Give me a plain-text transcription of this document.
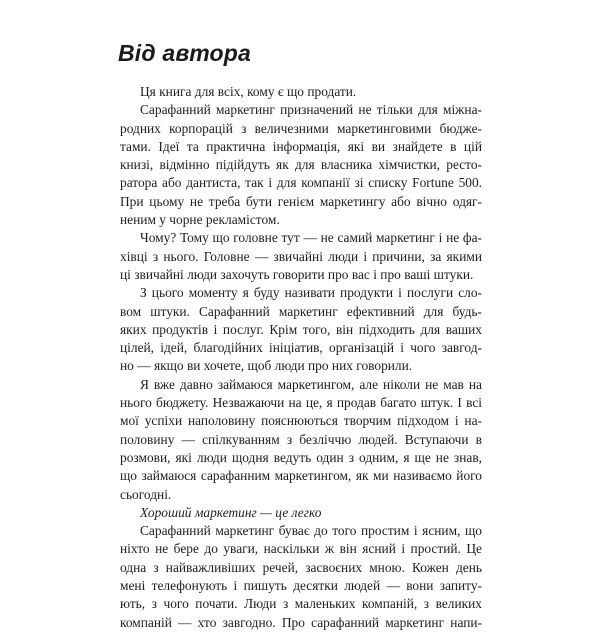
Від автора
Ця книга для всіх, кому є що продати.
Сарафанний маркетинг призначений не тільки для міжна-
родних корпорацій з величезними маркетинговими бюдже-
тами. Ідеї та практична інформація, які ви знайдете в цій
книзі, відмінно підійдуть як для власника хімчистки, ресто-
ратора або дантиста, так і для компанії зі списку Fortune 500.
При цьому не треба бути генієм маркетингу або вічно одяг-
неним у чорне рекламістом.
Чому? Тому що головне тут — не самий маркетинг і не фа-
хівці з нього. Головне — звичайні люди і причини, за якими
ці звичайні люди захочуть говорити про вас і про ваші штуки.
З цього моменту я буду називати продукти і послуги сло-
вом штуки. Сарафанний маркетинг ефективний для будь-
яких продуктів і послуг. Крім того, він підходить для ваших
цілей, ідей, благодійних ініціатив, організацій і чого завгод-
но — якщо ви хочете, щоб люди про них говорили.
Я вже давно займаюся маркетингом, але ніколи не мав на
нього бюджету. Незважаючи на це, я продав багато штук. І всі
мої успіхи наполовину пояснюються творчим підходом і на-
половину — спілкуванням з безліччю людей. Вступаючи в
розмови, які люди щодня ведуть один з одним, я ще не знав,
що займаюся сарафанним маркетингом, як ми називаємо його
сьогодні.
Хороший маркетинг — це легко
Сарафанний маркетинг буває до того простим і ясним, що
ніхто не бере до уваги, наскільки ж він ясний і простий. Це
одна з найважливіших речей, засвоєних мною. Кожен день
мені телефонують і пишуть десятки людей — вони запиту-
ють, з чого почати. Люди з маленьких компаній, з великих
компаній — хто завгодно. Про сарафанний маркетинг напи-
